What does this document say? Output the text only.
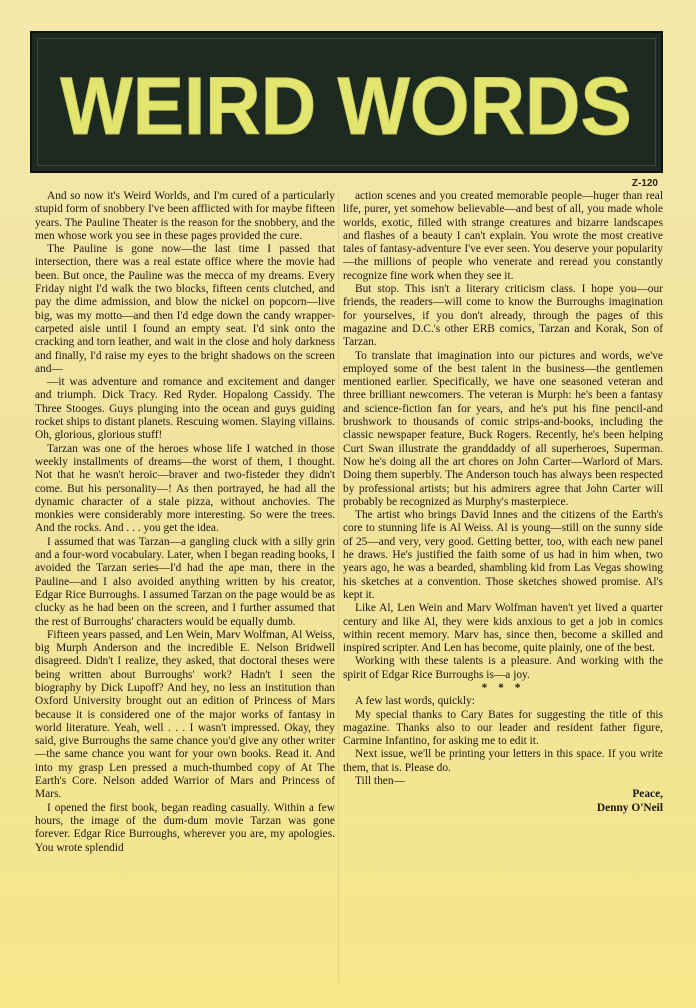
WEIRD WORDS
Z-120

And so now it's Weird Worlds, and I'm cured of a particularly stupid form of snobbery I've been afflicted with for maybe fifteen years. The Pauline Theater is the reason for the snobbery, and the men whose work you see in these pages provided the cure.

The Pauline is gone now—the last time I passed that intersection, there was a real estate office where the movie had been. But once, the Pauline was the mecca of my dreams. Every Friday night I'd walk the two blocks, fifteen cents clutched, and pay the dime admission, and blow the nickel on popcorn—live big, was my motto—and then I'd edge down the candy wrapper-carpeted aisle until I found an empty seat. I'd sink onto the cracking and torn leather, and wait in the close and holy darkness and finally, I'd raise my eyes to the bright shadows on the screen and—

—it was adventure and romance and excitement and danger and triumph. Dick Tracy. Red Ryder. Hopalong Cassidy. The Three Stooges. Guys plunging into the ocean and guys guiding rocket ships to distant planets. Rescuing women. Slaying villains. Oh, glorious, glorious stuff!

Tarzan was one of the heroes whose life I watched in those weekly installments of dreams—the worst of them, I thought. Not that he wasn't heroic—braver and two-fisteder they didn't come. But his personality—! As then portrayed, he had all the dynamic character of a stale pizza, without anchovies. The monkies were considerably more interesting. So were the trees. And the rocks. And . . . you get the idea.

I assumed that was Tarzan—a gangling cluck with a silly grin and a four-word vocabulary. Later, when I began reading books, I avoided the Tarzan series—I'd had the ape man, there in the Pauline—and I also avoided anything written by his creator, Edgar Rice Burroughs. I assumed Tarzan on the page would be as clucky as he had been on the screen, and I further assumed that the rest of Burroughs' characters would be equally dumb.

Fifteen years passed, and Len Wein, Marv Wolfman, Al Weiss, big Murph Anderson and the incredible E. Nelson Bridwell disagreed. Didn't I realize, they asked, that doctoral theses were being written about Burroughs' work? Hadn't I seen the biography by Dick Lupoff? And hey, no less an institution than Oxford University brought out an edition of Princess of Mars because it is considered one of the major works of fantasy in world literature. Yeah, well . . . I wasn't impressed. Okay, they said, give Burroughs the same chance you'd give any other writer—the same chance you want for your own books. Read it. And into my grasp Len pressed a much-thumbed copy of At The Earth's Core. Nelson added Warrior of Mars and Princess of Mars.

I opened the first book, began reading casually. Within a few hours, the image of the dum-dum movie Tarzan was gone forever. Edgar Rice Burroughs, wherever you are, my apologies. You wrote splendid

action scenes and you created memorable people—huger than real life, purer, yet somehow believable—and best of all, you made whole worlds, exotic, filled with strange creatures and bizarre landscapes and flashes of a beauty I can't explain. You wrote the most creative tales of fantasy-adventure I've ever seen. You deserve your popularity—the millions of people who venerate and reread you constantly recognize fine work when they see it.

But stop. This isn't a literary criticism class. I hope you—our friends, the readers—will come to know the Burroughs imagination for yourselves, if you don't already, through the pages of this magazine and D.C.'s other ERB comics, Tarzan and Korak, Son of Tarzan.

To translate that imagination into our pictures and words, we've employed some of the best talent in the business—the gentlemen mentioned earlier. Specifically, we have one seasoned veteran and three brilliant newcomers. The veteran is Murph: he's been a fantasy and science-fiction fan for years, and he's put his fine pencil-and brushwork to thousands of comic strips-and-books, including the classic newspaper feature, Buck Rogers. Recently, he's been helping Curt Swan illustrate the granddaddy of all superheroes, Superman. Now he's doing all the art chores on John Carter—Warlord of Mars. Doing them superbly. The Anderson touch has always been respected by professional artists; but his admirers agree that John Carter will probably be recognized as Murphy's masterpiece.

The artist who brings David Innes and the citizens of the Earth's core to stunning life is Al Weiss. Al is young—still on the sunny side of 25—and very, very good. Getting better, too, with each new panel he draws. He's justified the faith some of us had in him when, two years ago, he was a bearded, shambling kid from Las Vegas showing his sketches at a convention. Those sketches showed promise. Al's kept it.

Like Al, Len Wein and Marv Wolfman haven't yet lived a quarter century and like Al, they were kids anxious to get a job in comics within recent memory. Marv has, since then, become a skilled and inspired scripter. And Len has become, quite plainly, one of the best.

Working with these talents is a pleasure. And working with the spirit of Edgar Rice Burroughs is—a joy.

* * *

A few last words, quickly:

My special thanks to Cary Bates for suggesting the title of this magazine. Thanks also to our leader and resident father figure, Carmine Infantino, for asking me to edit it.

Next issue, we'll be printing your letters in this space. If you write them, that is. Please do.

Till then—

Peace,

Denny O'Neil
